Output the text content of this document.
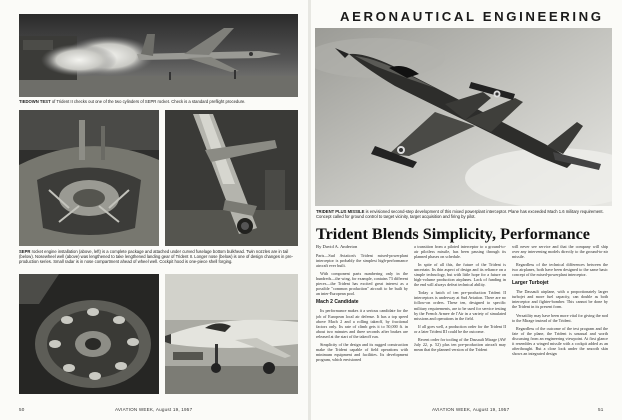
TIEDOWN TEST of Trident II checks out one of the two cylinders of SEPR rocket. Check is a standard preflight procedure.
SEPR rocket engine installation (above, left) is a complete package and attached under curved fuselage bottom bulkhead. Twin nozzles are in tail (below). Nosewheel well (above) was lengthened to take lengthened landing gear of Trident II. Longer nose (below) is one of design changes in pre-production series. Small radar is in nose compartment ahead of wheel well. Cockpit hood is one-piece shell forging.
50	AVIATION WEEK, August 19, 1957
AERONAUTICAL ENGINEERING
TRIDENT PLUS MISSILE is envisioned second-step development of this mixed powerplant interceptor. Plane has exceeded Mach 1.6 military requirement. Concept called for ground control to target vicinity, target acquisition and firing by pilot.
Trident Blends Simplicity, Performance
By David A. Anderton

Paris—Sud Aviation's Trident mixed-powerplant interceptor is probably the simplest high-performance aircraft ever built.

With component parts numbering only in the hundreds—the wing, for example, contains 73 different pieces—the Trident has excited great interest as a possible "common production" aircraft to be built by an inter-European pool.

Mach 2 Candidate

Its performance makes it a serious candidate for the job of European local air defense. It has a top speed above Mach 2 and a rolling takeoff, by fractional factors only. Its rate of climb gets it to 50,000 ft. in about two minutes and three seconds after brakes are released at the start of the takeoff run.

Simplicity of the design and its rugged construction make the Trident capable of field operations with minimum equipment and facilities. Its development program, which envisioned

a transition from a piloted interceptor to a ground-to-air pilotless missile, has been passing through its planned phases on schedule.

In spite of all this, the future of the Trident is uncertain. Its thin aspect of design and its reliance on a simple technology, but with little hope for a future on high-volume production airplanes. Lack of funding in the end will always defeat technical ability.

Today a batch of ten pre-production Trident II interceptors is underway at Sud Aviation. There are no follow-on orders. These ten, designed to specific military requirements, are to be used for service testing by the French Armee de l'Air in a variety of simulated missions and operations in the field.

If all goes well, a production order for the Trident II or a later Trident III could be the outcome.

Recent order for tooling of the Dassault Mirage (AW July 22, p. 52) plus ten pre-production aircraft may mean that the planned version of the Trident

will never see service and that the company will ship over any intervening models directly to the ground-to-air missile.

Regardless of the technical differences between the two airplanes, both have been designed to the same basic concept of the mixed-powerplant interceptor.

Larger Turbojet

The Dassault airplane, with a proportionately larger turbojet and more fuel capacity, can double as both interceptor and fighter-bomber. This cannot be done by the Trident in its present form.

Versatility may have been more vital for giving the nod to the Mirage instead of the Trident.

Regardless of the outcome of the test program and the fate of the plane, the Trident is unusual and worth discussing from an engineering viewpoint. At first glance it resembles a winged missile with a cockpit added as an afterthought. But a close look under the smooth skin shows an integrated design

AVIATION WEEK, August 19, 1957	51
